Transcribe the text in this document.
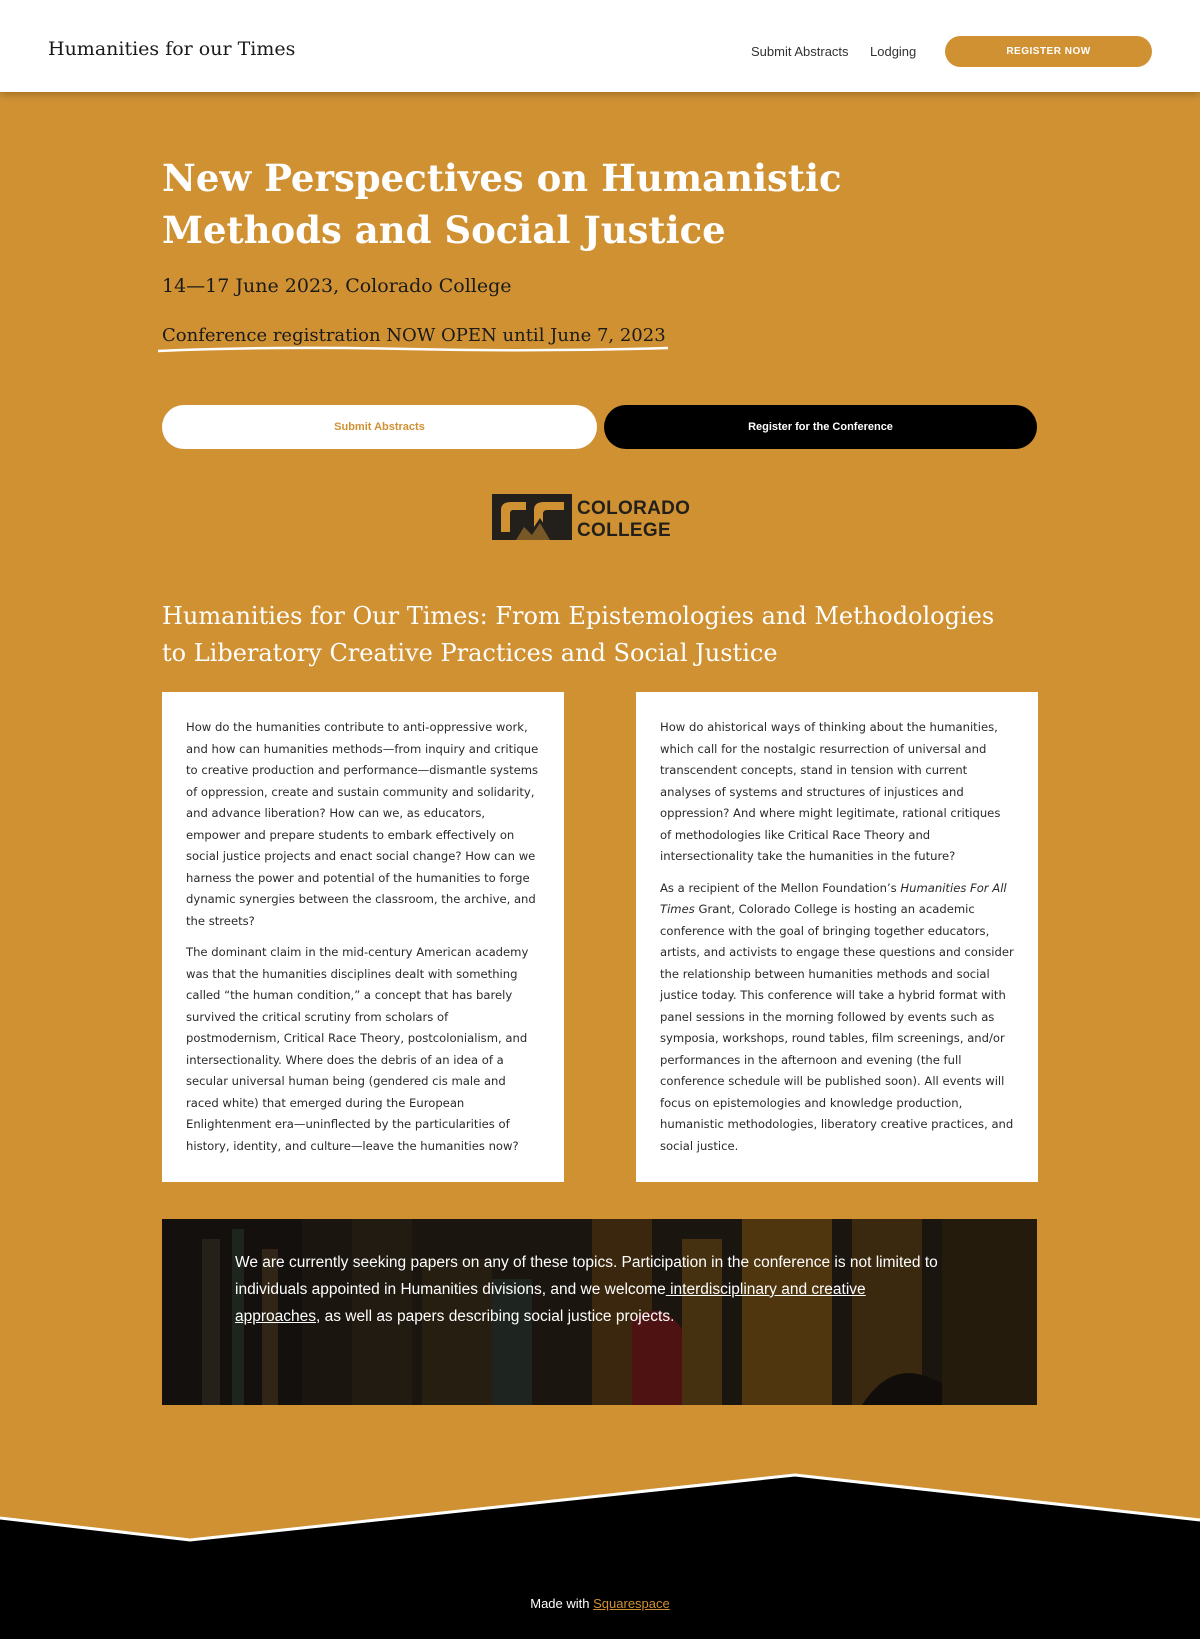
Humanities for our Times	Submit Abstracts Lodging	REGISTER NOW
New Perspectives on Humanistic Methods and Social Justice
14—17 June 2023, Colorado College
Conference registration NOW OPEN until June 7, 2023
Submit Abstracts	Register for the Conference
COLORADO
COLLEGE
Humanities for Our Times: From Epistemologies and Methodologies to Liberatory Creative Practices and Social Justice

How do the humanities contribute to anti-oppressive work, and how can humanities methods—from inquiry and critique to creative production and performance—dismantle systems of oppression, create and sustain community and solidarity, and advance liberation? How can we, as educators, empower and prepare students to embark effectively on social justice projects and enact social change? How can we harness the power and potential of the humanities to forge dynamic synergies between the classroom, the archive, and the streets?

The dominant claim in the mid-century American academy was that the humanities disciplines dealt with something called “the human condition,” a concept that has barely survived the critical scrutiny from scholars of postmodernism, Critical Race Theory, postcolonialism, and intersectionality. Where does the debris of an idea of a secular universal human being (gendered cis male and raced white) that emerged during the European Enlightenment era—uninflected by the particularities of history, identity, and culture—leave the humanities now?

How do ahistorical ways of thinking about the humanities, which call for the nostalgic resurrection of universal and transcendent concepts, stand in tension with current analyses of systems and structures of injustices and oppression? And where might legitimate, rational critiques of methodologies like Critical Race Theory and intersectionality take the humanities in the future?

As a recipient of the Mellon Foundation’s Humanities For All Times Grant, Colorado College is hosting an academic conference with the goal of bringing together educators, artists, and activists to engage these questions and consider the relationship between humanities methods and social justice today. This conference will take a hybrid format with panel sessions in the morning followed by events such as symposia, workshops, round tables, film screenings, and/or performances in the afternoon and evening (the full conference schedule will be published soon). All events will focus on epistemologies and knowledge production, humanistic methodologies, liberatory creative practices, and social justice.

We are currently seeking papers on any of these topics. Participation in the conference is not limited to individuals appointed in Humanities divisions, and we welcome interdisciplinary and creative approaches, as well as papers describing social justice projects.
Made with Squarespace
